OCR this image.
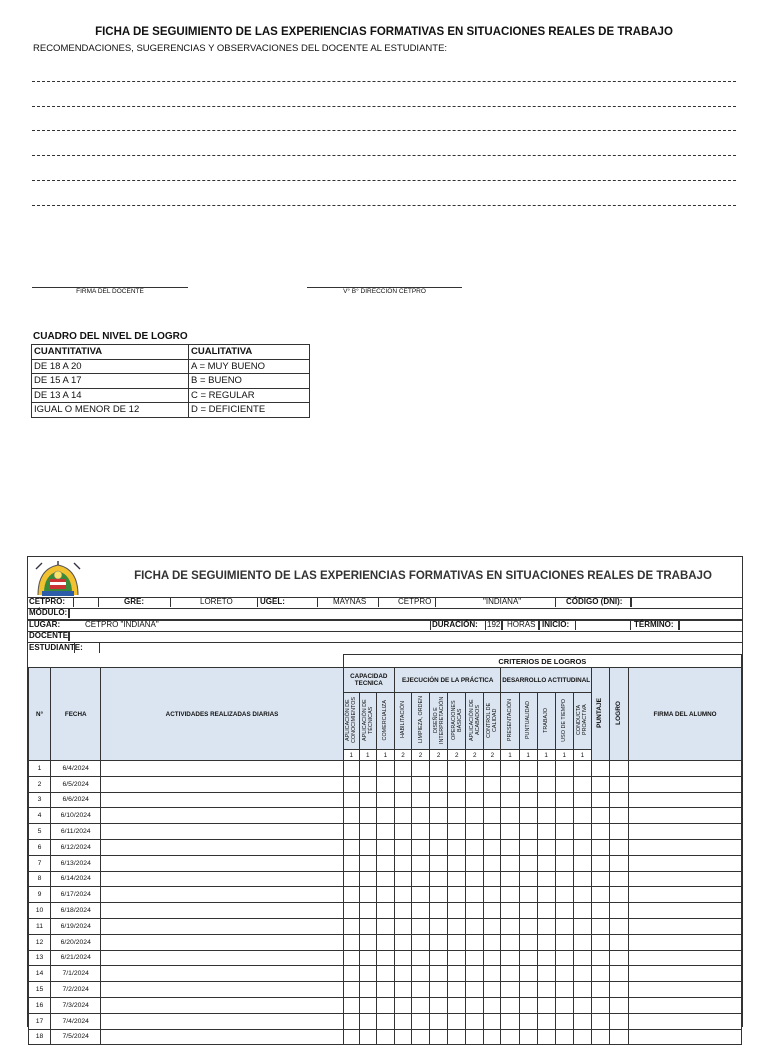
FICHA DE SEGUIMIENTO DE LAS EXPERIENCIAS FORMATIVAS EN SITUACIONES REALES DE TRABAJO
RECOMENDACIONES, SUGERENCIAS Y OBSERVACIONES DEL DOCENTE AL ESTUDIANTE:
FIRMA DEL DOCENTE	V° B° DIRECCIÓN CETPRO
CUADRO DEL NIVEL DE LOGRO
CUANTITATIVA	CUALITATIVA
DE 18 A 20	A = MUY BUENO
DE 15 A 17	B = BUENO
DE 13 A 14	C = REGULAR
IGUAL O MENOR DE 12	D = DEFICIENTE
FICHA DE SEGUIMIENTO DE LAS EXPERIENCIAS FORMATIVAS EN SITUACIONES REALES DE TRABAJO
CETPRO:	GRE:	LORETO	UGEL:	MAYNAS	CETPRO	"INDIANA"	CÓDIGO (DNI):
MÓDULO:
LUGAR:	CETPRO "INDIANA"	DURACIÓN: 192 HORAS INICIO:	TÉRMINO:
DOCENTE:
ESTUDIANTE:
			CRITERIOS DE LOGROS																
N°	FECHA	ACTIVIDADES REALIZADAS DIARIAS	CAPACIDAD TECNICA			EJECUCIÓN DE LA PRÁCTICA						DESARROLLO ACTITUDINAL					PUNTAJE	LOGRO	FIRMA DEL ALUMNO
			APLICACIÓN DE CONOCIMIENTOS	APLICACIÓN DE TÉCNICAS	COMERCIALIZA	HABILITACIÓN	LIMPIEZA, ORDEN	DISEÑO E INTERPRETACIÓN	OPERACIONES BÁSICAS	APLICACIÓN DE ACABADOS	CONTROL DE CALIDAD	PRESENTACIÓN	PUNTUALIDAD	TRABAJO	USO DE TIEMPO	CONDUCTA PROACTIVA			
			1	1	1	2	2	2	2	2	2	1	1	1	1	1			
1	6/4/2024																		
2	6/5/2024																		
3	6/6/2024																		
4	6/10/2024																		
5	6/11/2024																		
6	6/12/2024																		
7	6/13/2024																		
8	6/14/2024																		
9	6/17/2024																		
10	6/18/2024																		
11	6/19/2024																		
12	6/20/2024																		
13	6/21/2024																		
14	7/1/2024																		
15	7/2/2024																		
16	7/3/2024																		
17	7/4/2024																		
18	7/5/2024																		
